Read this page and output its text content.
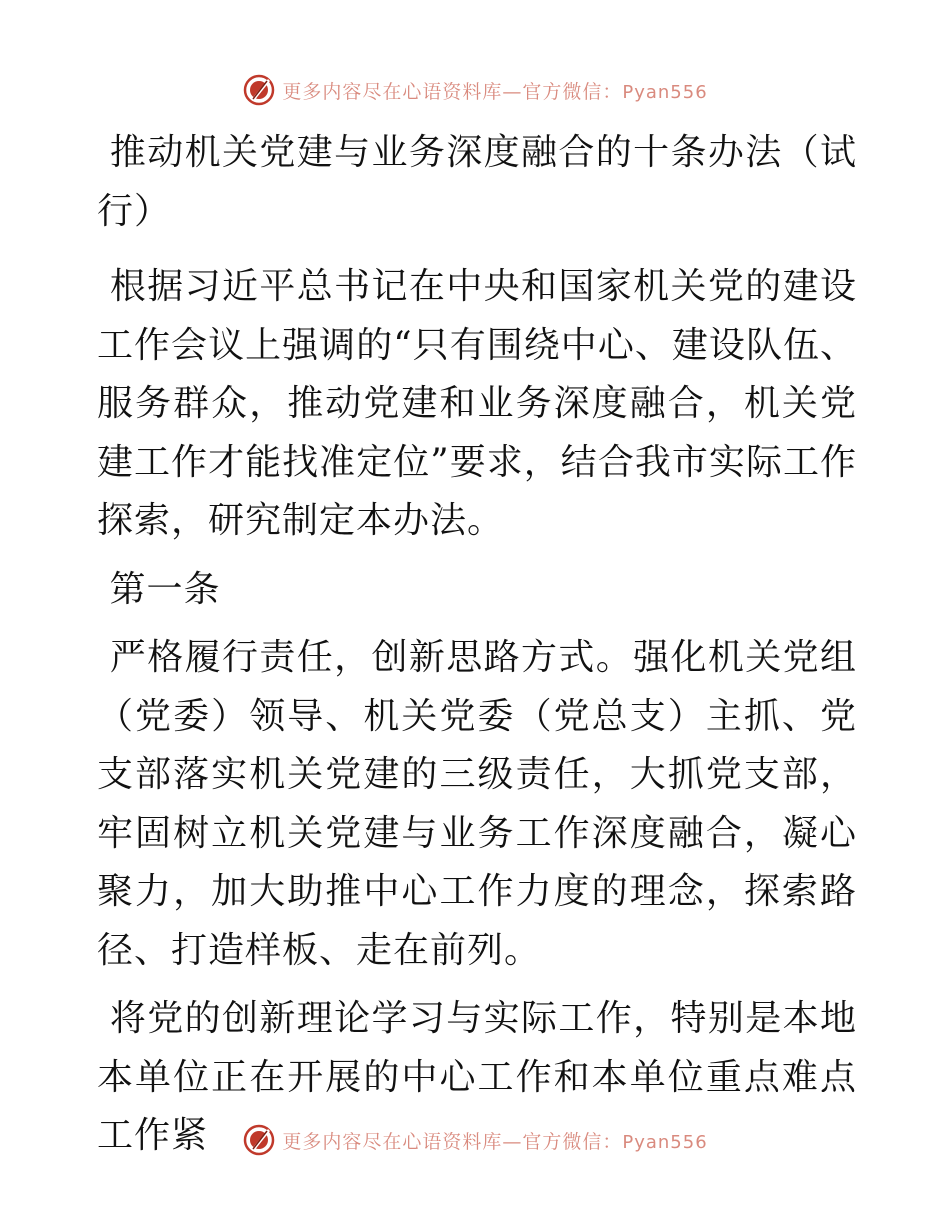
更多内容尽在心语资料库—官方微信：Pyan556

推动机关党建与业务深度融合的十条办法（试行）

根据习近平总书记在中央和国家机关党的建设工作会议上强调的“只有围绕中心、建设队伍、服务群众，推动党建和业务深度融合，机关党建工作才能找准定位”要求，结合我市实际工作探索，研究制定本办法。

第一条

严格履行责任，创新思路方式。强化机关党组（党委）领导、机关党委（党总支）主抓、党支部落实机关党建的三级责任，大抓党支部，牢固树立机关党建与业务工作深度融合，凝心聚力，加大助推中心工作力度的理念，探索路径、打造样板、走在前列。

将党的创新理论学习与实际工作，特别是本地本单位正在开展的中心工作和本单位重点难点工作紧	更多内容尽在心语资料库—官方微信：Pyan556
